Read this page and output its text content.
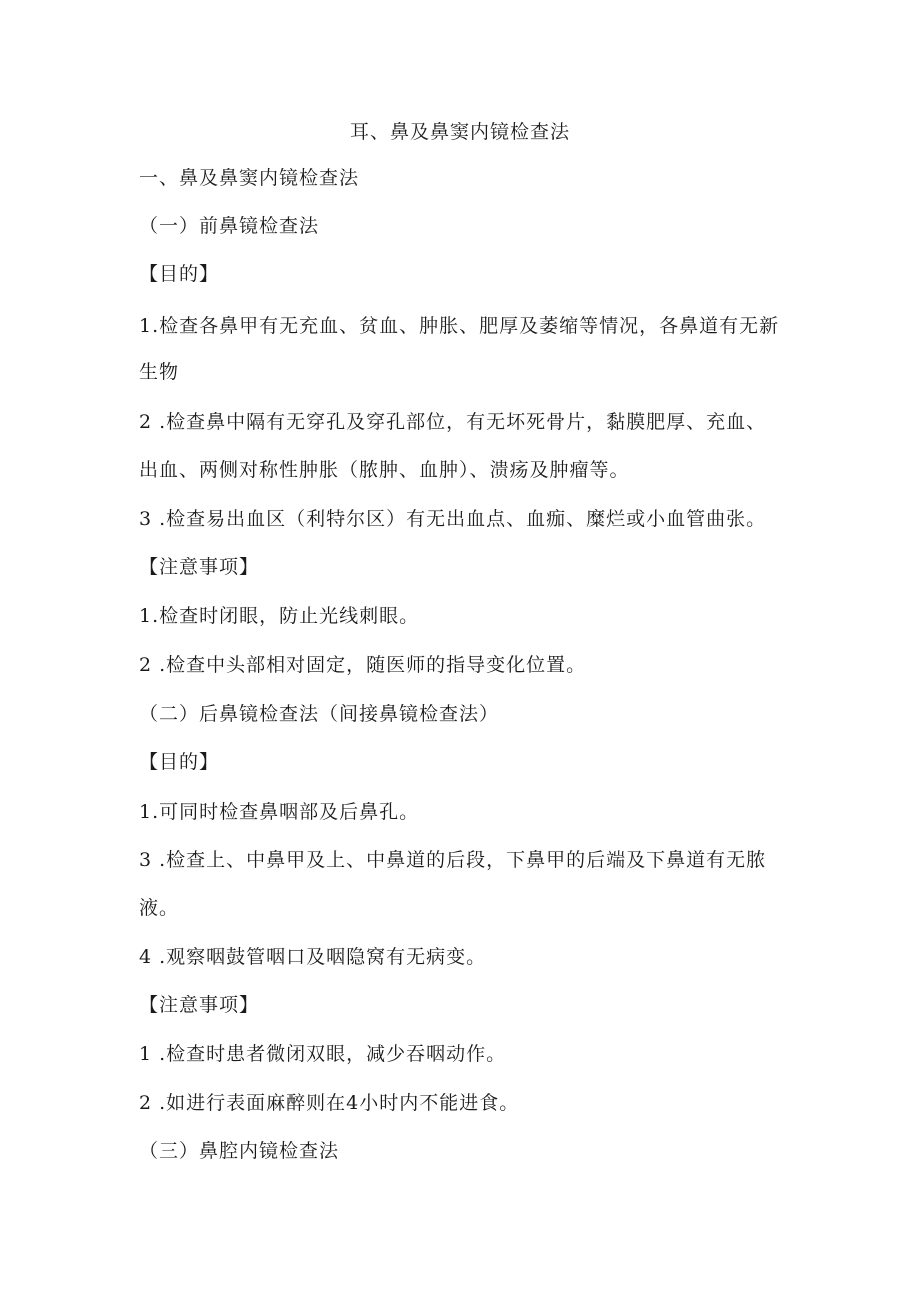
耳、鼻及鼻窦内镜检查法
一、鼻及鼻窦内镜检查法
（一）前鼻镜检查法
【目的】
1.检查各鼻甲有无充血、贫血、肿胀、肥厚及萎缩等情况，各鼻道有无新
生物
2 .检查鼻中隔有无穿孔及穿孔部位，有无坏死骨片，黏膜肥厚、充血、
出血、两侧对称性肿胀（脓肿、血肿）、溃疡及肿瘤等。
3 .检查易出血区（利特尔区）有无出血点、血痂、糜烂或小血管曲张。
【注意事项】
1.检查时闭眼，防止光线刺眼。
2 .检查中头部相对固定，随医师的指导变化位置。
（二）后鼻镜检查法（间接鼻镜检查法）
【目的】
1.可同时检查鼻咽部及后鼻孔。
3 .检查上、中鼻甲及上、中鼻道的后段，下鼻甲的后端及下鼻道有无脓
液。
4 .观察咽鼓管咽口及咽隐窝有无病变。
【注意事项】
1 .检查时患者微闭双眼，减少吞咽动作。
2 .如进行表面麻醉则在4小时内不能进食。
（三）鼻腔内镜检查法
